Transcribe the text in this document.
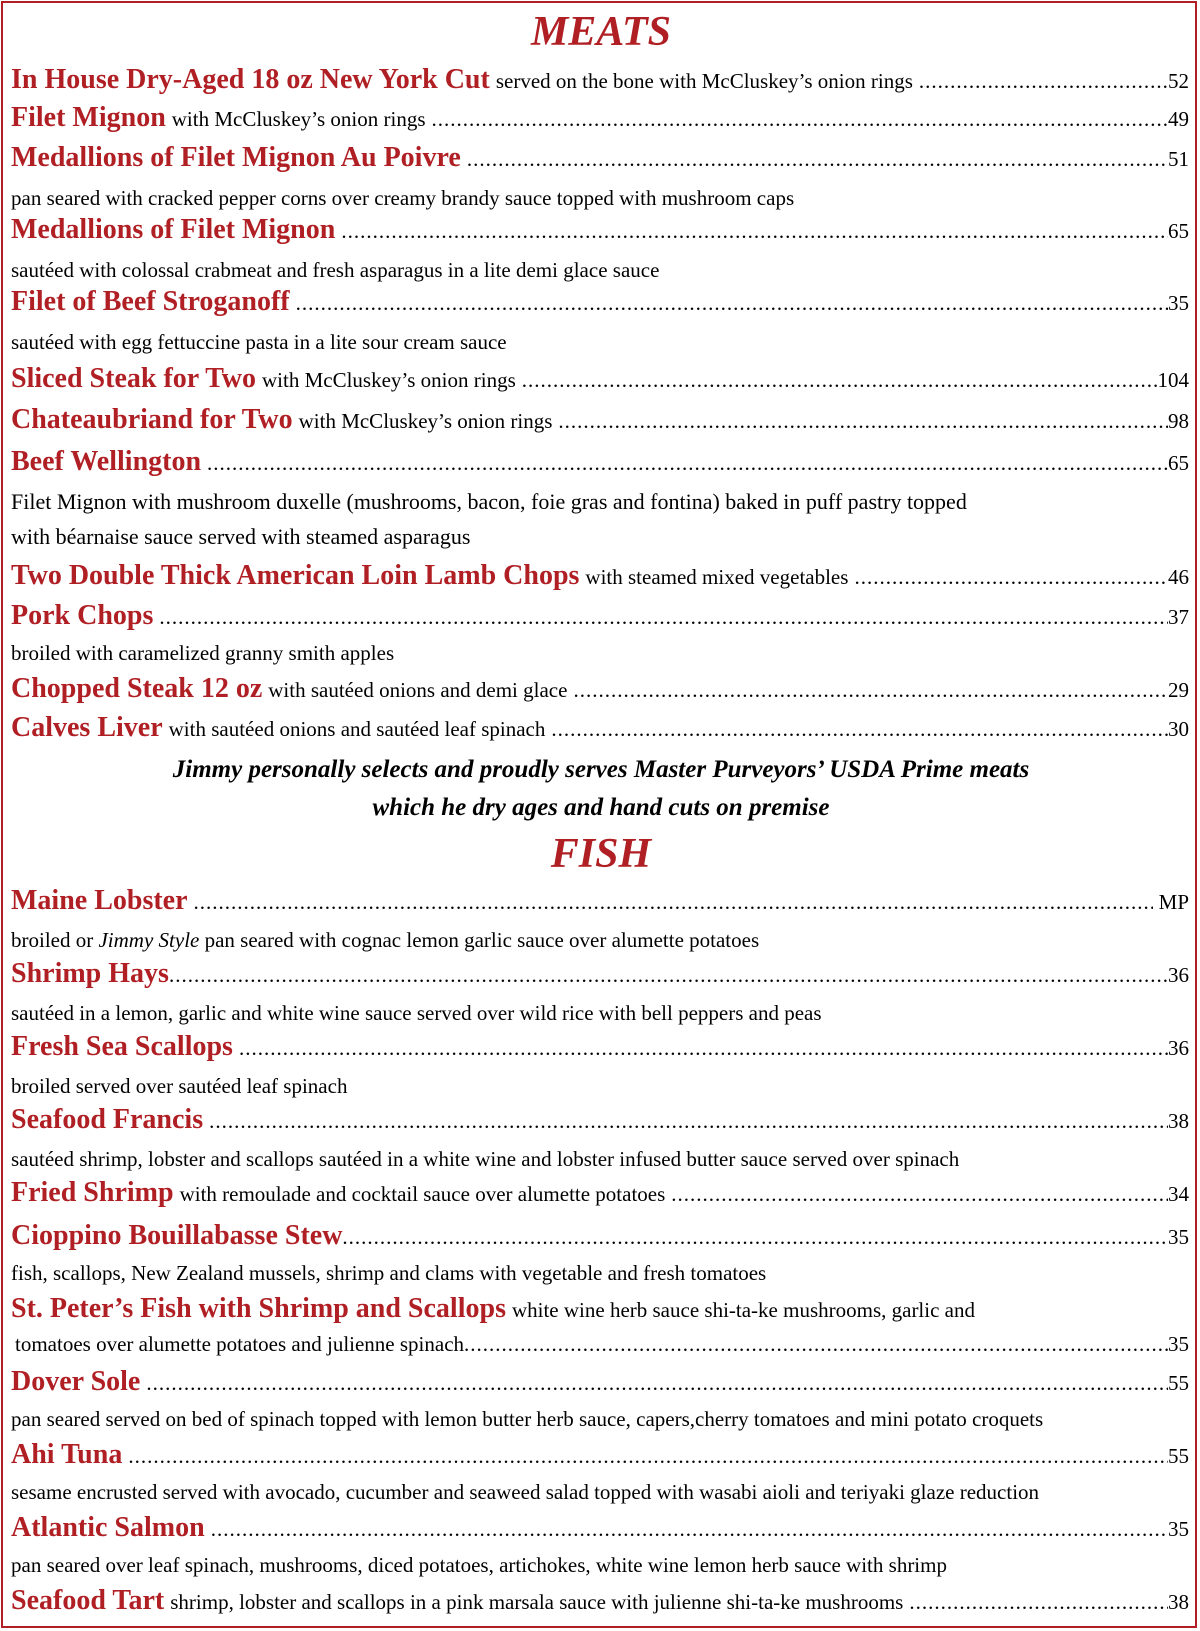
MEATS
In House Dry-Aged 18 oz New York Cut served on the bone with McCluskey’s onion rings .....	52
Filet Mignon with McCluskey’s onion rings .....	49
Medallions of Filet Mignon Au Poivre .....	51
pan seared with cracked pepper corns over creamy brandy sauce topped with mushroom caps
Medallions of Filet Mignon .....	65
sautéed with colossal crabmeat and fresh asparagus in a lite demi glace sauce
Filet of Beef Stroganoff .....	35
sautéed with egg fettuccine pasta in a lite sour cream sauce
Sliced Steak for Two with McCluskey’s onion rings .....	104
Chateaubriand for Two with McCluskey’s onion rings .....	98
Beef Wellington .....	65
Filet Mignon with mushroom duxelle (mushrooms, bacon, foie gras and fontina) baked in puff pastry topped
with béarnaise sauce served with steamed asparagus
Two Double Thick American Loin Lamb Chops with steamed mixed vegetables .....	46
Pork Chops .....	37
broiled with caramelized granny smith apples
Chopped Steak 12 oz with sautéed onions and demi glace .....	29
Calves Liver with sautéed onions and sautéed leaf spinach .....	30
Jimmy personally selects and proudly serves Master Purveyors’ USDA Prime meats
which he dry ages and hand cuts on premise
FISH
Maine Lobster .....	MP
broiled or Jimmy Style pan seared with cognac lemon garlic sauce over alumette potatoes
Shrimp Hays .....	36
sautéed in a lemon, garlic and white wine sauce served over wild rice with bell peppers and peas
Fresh Sea Scallops .....	36
broiled served over sautéed leaf spinach
Seafood Francis .....	38
sautéed shrimp, lobster and scallops sautéed in a white wine and lobster infused butter sauce served over spinach
Fried Shrimp with remoulade and cocktail sauce over alumette potatoes .....	34
Cioppino Bouillabasse Stew .....	35
fish, scallops, New Zealand mussels, shrimp and clams with vegetable and fresh tomatoes
St. Peter’s Fish with Shrimp and Scallops white wine herb sauce shi-ta-ke mushrooms, garlic and
tomatoes over alumette potatoes and julienne spinach .....	35
Dover Sole .....	55
pan seared served on bed of spinach topped with lemon butter herb sauce, capers,cherry tomatoes and mini potato croquets
Ahi Tuna .....	55
sesame encrusted served with avocado, cucumber and seaweed salad topped with wasabi aioli and teriyaki glaze reduction
Atlantic Salmon .....	35
pan seared over leaf spinach, mushrooms, diced potatoes, artichokes, white wine lemon herb sauce with shrimp
Seafood Tart shrimp, lobster and scallops in a pink marsala sauce with julienne shi-ta-ke mushrooms .....	38
